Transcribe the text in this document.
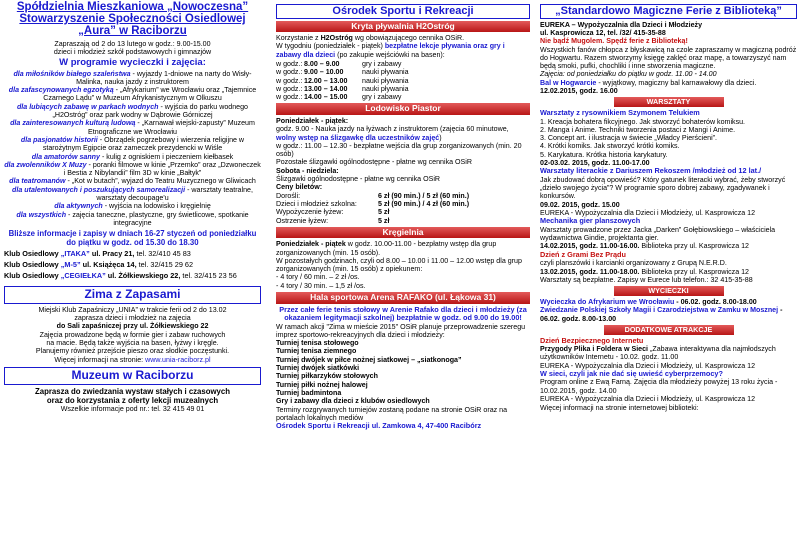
Spółdzielnia Mieszkaniowa „Nowoczesna”
Stowarzyszenie Społeczności Osiedlowej
„Aura” w Raciborzu

Zapraszają od 2 do 13 lutego w godz.: 9.00-15.00

dzieci i młodzież szkół podstawowych i gimnazjów

W programie wycieczki i zajęcia:

dla miłośników białego szaleństwa - wyjazdy 1-dniowe na narty do Wisły-Malinka, nauka jazdy z instruktorem

dla zafascynowanych egzotyką - „Afrykarium” we Wrocławiu oraz „Tajemnice Czarnego Lądu” w Muzeum Afrykanistycznym w Olkuszu

dla lubiących zabawę w parkach wodnych - wyjścia do parku wodnego „H2Ostróg” oraz park wodny w Dąbrowie Górniczej

dla zainteresowanych kulturą ludową - „Karnawał wiejski-zapusty” Muzeum Etnograficzne we Wrocławiu

dla pasjonatów historii - Obrządek pogrzebowy i wierzenia religijne w starożytnym Egipcie oraz zameczek prezydencki w Wiśle

dla amatorów sanny - kulig z ogniskiem i pieczeniem kiełbasek

dla zwolenników X Muzy - poranki filmowe w kinie „Przemko” oraz „Dzwoneczek i Bestia z Nibylandii” film 3D w kinie „Bałtyk”

dla teatromanów - „Kot w butach”, wyjazd do Teatru Muzycznego w Gliwicach

dla utalentowanych i poszukujących samorealizacji - warsztaty teatralne, warsztaty decoupage'u

dla aktywnych - wyjścia na lodowisko i kręgielnię

dla wszystkich - zajęcia taneczne, plastyczne, gry świetlicowe, spotkanie integracyjne

Bliższe informacje i zapisy w dniach 16-27 styczeń od poniedziałku do piątku w godz. od 15.30 do 18.30

Klub Osiedlowy „ITAKA” ul. Pracy 21, tel. 32/410 45 83

Klub Osiedlowy „M-5” ul. Książęca 14, tel. 32/415 29 62

Klub Osiedlowy „CEGIEŁKA” ul. Żółkiewskiego 22, tel. 32/415 23 56

Zima z Zapasami

Miejski Klub Zapaśniczy „UNIA” w trakcie ferii od 2 do 13.02

zaprasza dzieci i młodzież na zajęcia

do Sali zapaśniczej przy ul. Żółkiewskiego 22

Zajęcia prowadzone będą w formie gier i zabaw ruchowych

na macie. Będą także wyjścia na basen, łyżwy i kręgle.

Planujemy również przejście pieszo oraz słodkie poczęstunki.

Więcej informacji na stronie: www.unia-raciborz.pl

Muzeum w Raciborzu

Zaprasza do zwiedzania wystaw stałych i czasowych

oraz do korzystania z oferty lekcji muzealnych

Wszelkie informacje pod nr.: tel. 32 415 49 01

Ośrodek Sportu i Rekreacji
Kryta pływalnia H2Ostróg

Korzystanie z H2Ostróg wg obowiązującego cennika OSiR.

W tygodniu (poniedziałek - piątek) bezpłatne lekcje pływania oraz gry i zabawy dla dzieci (po zakupie wejściówki na basen):

w godz.: 8.00 – 9.00	gry i zabawy

w godz.: 9.00 – 10.00	nauki pływania

w godz.: 12.00 – 13.00 nauki pływania

w godz.: 13.00 – 14.00 nauki pływania

w godz.: 14.00 – 15.00 gry i zabawy

Lodowisko Piastor

Poniedziałek - piątek:

godz. 9.00 - Nauka jazdy na łyżwach z instruktorem (zajęcia 60 minutowe, wolny wstęp na ślizgawkę dla uczestników zajęć)

w godz.: 11.00 – 12.30 - bezpłatne wejścia dla grup zorganizowanych (min. 20 osób)

Pozostałe ślizgawki ogólnodostępne - płatne wg cennika OSiR

Sobota - niedziela:

Ślizgawki ogólnodostępne - płatne wg cennika OSiR

Ceny biletów:

Dorośli:	6 zł (90 min.) / 5 zł (60 min.)

Dzieci i młodzież szkolna:	5 zł (90 min.) / 4 zł (60 min.)

Wypożyczenie łyżew:	5 zł

Ostrzenie łyżew:	5 zł

Kręgielnia

Poniedziałek - piątek w godz. 10.00-11.00 - bezpłatny wstęp dla grup zorganizowanych (min. 15 osób).

W pozostałych godzinach, czyli od 8.00 – 10.00 i 11.00 – 12.00 wstęp dla grup zorganizowanych (min. 15 osób) z opiekunem:

- 4 tory / 60 min. – 2 zł /os.

- 4 tory / 30 min. – 1,5 zł /os.

Hala sportowa Arena RAFAKO (ul. Łąkowa 31)

Przez całe ferie tenis stołowy w Arenie Rafako dla dzieci i młodzieży (za okazaniem legitymacji szkolnej) bezpłatnie w godz. od 9.00 do 19.00!

W ramach akcji "Zima w mieście 2015" OSiR planuje przeprowadzenie szeregu imprez sportowo-rekreacyjnych dla dzieci i młodzieży:

Turniej tenisa stołowego

Turniej tenisa ziemnego

Turniej dwójek w piłce nożnej siatkowej – „siatkonoga”

Turniej dwójek siatkówki

Turniej piłkarzyków stołowych

Turniej piłki nożnej halowej

Turniej badmintona

Gry i zabawy dla dzieci z klubów osiedlowych

Terminy rozgrywanych turniejów zostaną podane na stronie OSiR oraz na portalach lokalnych mediów

Ośrodek Sportu i Rekreacji ul. Zamkowa 4, 47-400 Racibórz

„Standardowo Magiczne Ferie z Biblioteką”

EUREKA – Wypożyczalnia dla Dzieci i Młodzieży

ul. Kasprowicza 12, tel. /32/ 415-35-88

Nie bądź Mugolem. Spędź ferie z Biblioteką!

Wszystkich fanów chłopca z błyskawicą na czole zapraszamy w magiczną podróż do Hogwartu. Razem stworzymy księgę zaklęć oraz mapę, a towarzyszyć nam będą smoki, pufki, chochliki i inne stworzenia magiczne.

Zajęcia: od poniedziałku do piątku w godz. 11.00 - 14.00

Bal w Hogwarcie - wyjątkowy, magiczny bal karnawałowy dla dzieci.

12.02.2015, godz. 16.00

WARSZTATY

Warsztaty z rysownikiem Szymonem Telukiem

1. Kreacja bohatera fikcyjnego. Jak stworzyć bohaterów komiksu.

2. Manga i Anime. Techniki tworzenia postaci z Mangi i Anime.

3. Concept art. i ilustracja w świecie „Władcy Pierścieni”.

4. Krótki komiks. Jak stworzyć krótki komiks.

5. Karykatura. Krótka historia karykatury.

02-03.02. 2015, godz. 11.00-17.00

Warsztaty literackie z Dariuszem Rekoszem /młodzież od 12 lat./

Jak zbudować dobrą opowieść? Który gatunek literacki wybrać, żeby stworzyć „dzieło swojego życia”? W programie sporo dobrej zabawy, zgadywanek i konkursów.

09.02. 2015, godz. 15.00

EUREKA - Wypożyczalnia dla Dzieci i Młodzieży, ul. Kasprowicza 12

Mechanika gier planszowych

Warsztaty prowadzone przez Jacka „Darken” Gołębiowskiego – właściciela wydawnictwa Gindie, projektanta gier.

14.02.2015, godz. 11.00-16.00. Biblioteka przy ul. Kasprowicza 12

Dzień z Grami Bez Prądu

czyli planszówki i karcianki organizowany z Grupą N.E.R.D.

13.02.2015, godz. 11.00-18.00. Biblioteka przy ul. Kasprowicza 12

Warsztaty są bezpłatne. Zapisy w Eurece lub telefon.: 32 415-35-88

WYCIECZKI

Wycieczka do Afrykarium we Wrocławiu - 06.02. godz. 8.00-18.00

Zwiedzanie Polskiej Szkoły Magii i Czarodziejstwa w Zamku w Mosznej - 06.02. godz. 8.00-13.00

DODATKOWE ATRAKCJE

Dzień Bezpiecznego Internetu

Przygody Plika i Foldera w Sieci „Zabawa interaktywna dla najmłodszych użytkowników Internetu - 10.02. godz. 11.00

EUREKA - Wypożyczalnia dla Dzieci i Młodzieży, ul. Kasprowicza 12

W sieci, czyli jak nie dać się uwieść cyberprzemocy?

Program online z Ewą Farną. Zajęcia dla młodzieży powyżej 13 roku życia - 10.02.2015, godz. 14.00

EUREKA - Wypożyczalnia dla Dzieci i Młodzieży, ul. Kasprowicza 12

Więcej informacji na stronie internetowej biblioteki:
